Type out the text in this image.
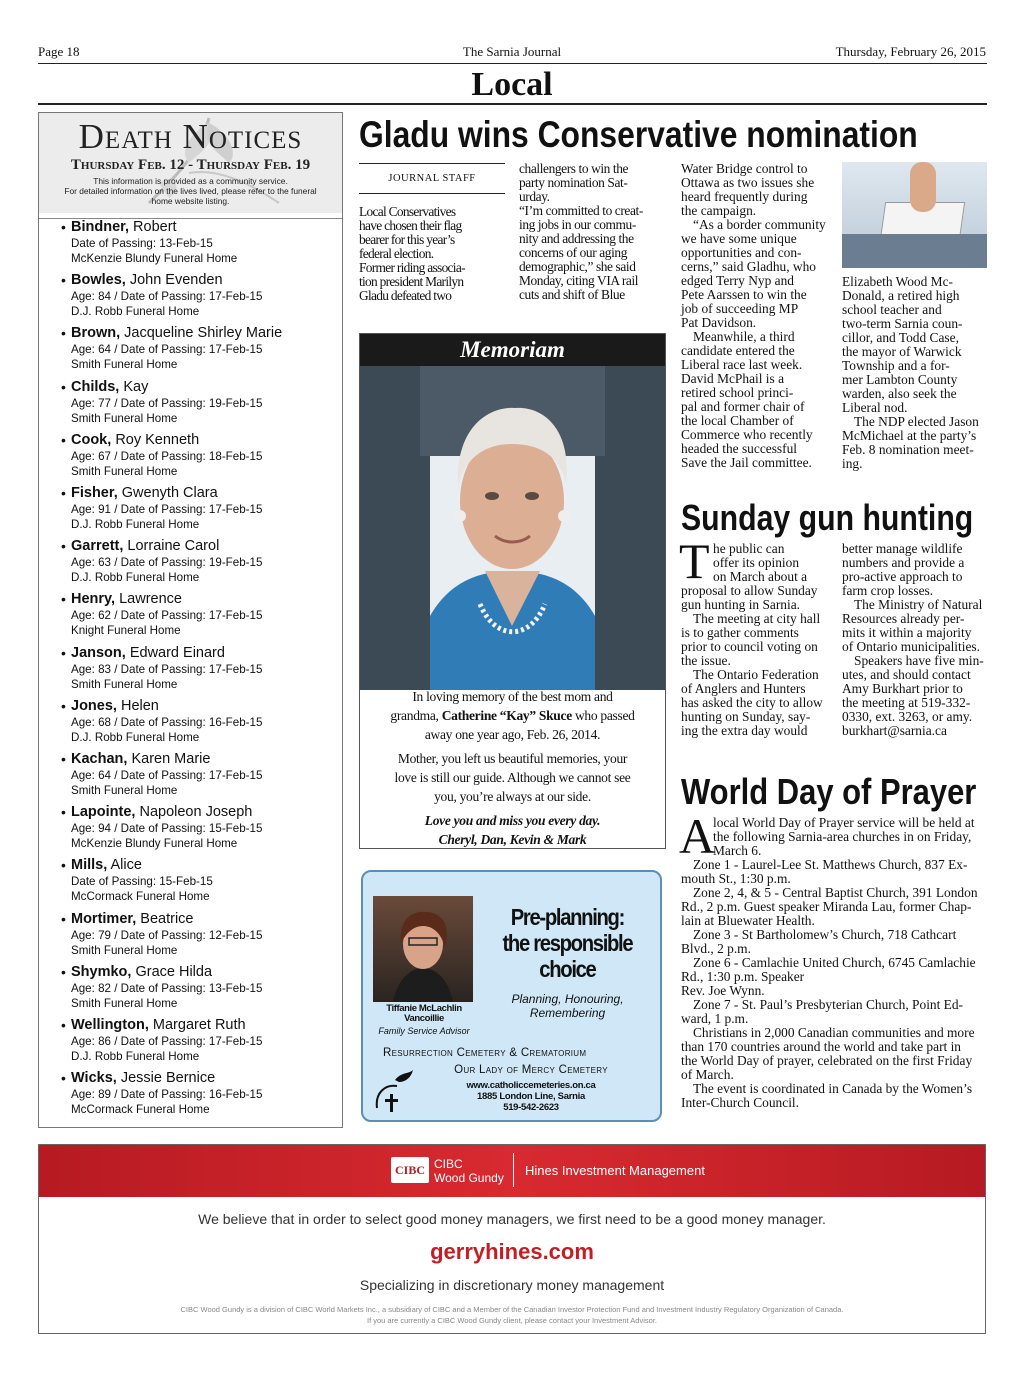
Page 18	The Sarnia Journal	Thursday, February 26, 2015
Local
Death Notices
Thursday Feb. 12 - Thursday Feb. 19
This information is provided as a community service.
For detailed information on the lives lived, please refer to the funeral
home website listing.
• Bindner, Robert
Date of Passing: 13-Feb-15
McKenzie Blundy Funeral Home
• Bowles, John Evenden
Age: 84 / Date of Passing: 17-Feb-15
D.J. Robb Funeral Home
• Brown, Jacqueline Shirley Marie
Age: 64 / Date of Passing: 17-Feb-15
Smith Funeral Home
• Childs, Kay
Age: 77 / Date of Passing: 19-Feb-15
Smith Funeral Home
• Cook, Roy Kenneth
Age: 67 / Date of Passing: 18-Feb-15
Smith Funeral Home
• Fisher, Gwenyth Clara
Age: 91 / Date of Passing: 17-Feb-15
D.J. Robb Funeral Home
• Garrett, Lorraine Carol
Age: 63 / Date of Passing: 19-Feb-15
D.J. Robb Funeral Home
• Henry, Lawrence
Age: 62 / Date of Passing: 17-Feb-15
Knight Funeral Home
• Janson, Edward Einard
Age: 83 / Date of Passing: 17-Feb-15
Smith Funeral Home
• Jones, Helen
Age: 68 / Date of Passing: 16-Feb-15
D.J. Robb Funeral Home
• Kachan, Karen Marie
Age: 64 / Date of Passing: 17-Feb-15
Smith Funeral Home
• Lapointe, Napoleon Joseph
Age: 94 / Date of Passing: 15-Feb-15
McKenzie Blundy Funeral Home
• Mills, Alice
Date of Passing: 15-Feb-15
McCormack Funeral Home
• Mortimer, Beatrice
Age: 79 / Date of Passing: 12-Feb-15
Smith Funeral Home
• Shymko, Grace Hilda
Age: 82 / Date of Passing: 13-Feb-15
Smith Funeral Home
• Wellington, Margaret Ruth
Age: 86 / Date of Passing: 17-Feb-15
D.J. Robb Funeral Home
• Wicks, Jessie Bernice
Age: 89 / Date of Passing: 16-Feb-15
McCormack Funeral Home
Gladu wins Conservative nomination
JOURNAL STAFF

Local Conservatives

have chosen their flag

bearer for this year’s

federal election.

Former riding associa-

tion president Marilyn

Gladu defeated two

challengers to win the

party nomination Sat-

urday.

“I’m committed to creat-

ing jobs in our commu-

nity and addressing the

concerns of our aging

demographic,” she said

Monday, citing VIA rail

cuts and shift of Blue

Water Bridge control to

Ottawa as two issues she

heard frequently during

the campaign.

“As a border community

we have some unique

opportunities and con-

cerns,” said Gladhu, who

edged Terry Nyp and

Pete Aarssen to win the

job of succeeding MP

Pat Davidson.

Meanwhile, a third

candidate entered the

Liberal race last week.

David McPhail is a

retired school princi-

pal and former chair of

the local Chamber of

Commerce who recently

headed the successful

Save the Jail committee.

Elizabeth Wood Mc-

Donald, a retired high

school teacher and

two-term Sarnia coun-

cillor, and Todd Case,

the mayor of Warwick

Township and a for-

mer Lambton County

warden, also seek the

Liberal nod.

The NDP elected Jason

McMichael at the party’s

Feb. 8 nomination meet-

ing.

Memoriam
In loving memory of the best mom and
grandma, Catherine “Kay” Skuce who passed
away one year ago, Feb. 26, 2014.
Mother, you left us beautiful memories, your
love is still our guide. Although we cannot see
you, you’re always at our side.
Love you and miss you every day.
Cheryl, Dan, Kevin & Mark
Pre-planning:
the responsible
choice
Planning, Honouring,
Remembering
Tiffanie McLachlin
Vancoillie
Family Service Advisor
Resurrection Cemetery & Crematorium
Our Lady of Mercy Cemetery
www.catholiccemeteries.on.ca
1885 London Line, Sarnia
519-542-2623
Sunday gun hunting
T he public can

offer its opinion

on March about a

proposal to allow Sunday

gun hunting in Sarnia.

The meeting at city hall

is to gather comments

prior to council voting on

the issue.

The Ontario Federation

of Anglers and Hunters

has asked the city to allow

hunting on Sunday, say-

ing the extra day would

better manage wildlife

numbers and provide a

pro-active approach to

farm crop losses.

The Ministry of Natural

Resources already per-

mits it within a majority

of Ontario municipalities.

Speakers have five min-

utes, and should contact

Amy Burkhart prior to

the meeting at 519-332-

0330, ext. 3263, or amy.

burkhart@sarnia.ca

World Day of Prayer
A

local World Day of Prayer service will be held at

the following Sarnia-area churches in on Friday,

March 6.

Zone 1 - Laurel-Lee St. Matthews Church, 837 Ex-

mouth St., 1:30 p.m.

Zone 2, 4, & 5 - Central Baptist Church, 391 London

Rd., 2 p.m. Guest speaker Miranda Lau, former Chap-

lain at Bluewater Health.

Zone 3 - St Bartholomew’s Church, 718 Cathcart

Blvd., 2 p.m.

Zone 6 - Camlachie United Church, 6745 Camlachie

Rd., 1:30 p.m. Speaker

Rev. Joe Wynn.

Zone 7 - St. Paul’s Presbyterian Church, Point Ed-

ward, 1 p.m.

Christians in 2,000 Canadian communities and more

than 170 countries around the world and take part in

the World Day of prayer, celebrated on the first Friday

of March.

The event is coordinated in Canada by the Women’s

Inter-Church Council.

CIBC CIBC
Wood Gundy Hines Investment Management
We believe that in order to select good money managers, we first need to be a good money manager.
gerryhines.com
Specializing in discretionary money management
CIBC Wood Gundy is a division of CIBC World Markets Inc., a subsidiary of CIBC and a Member of the Canadian Investor Protection Fund and Investment Industry Regulatory Organization of Canada.
If you are currently a CIBC Wood Gundy client, please contact your Investment Advisor.
